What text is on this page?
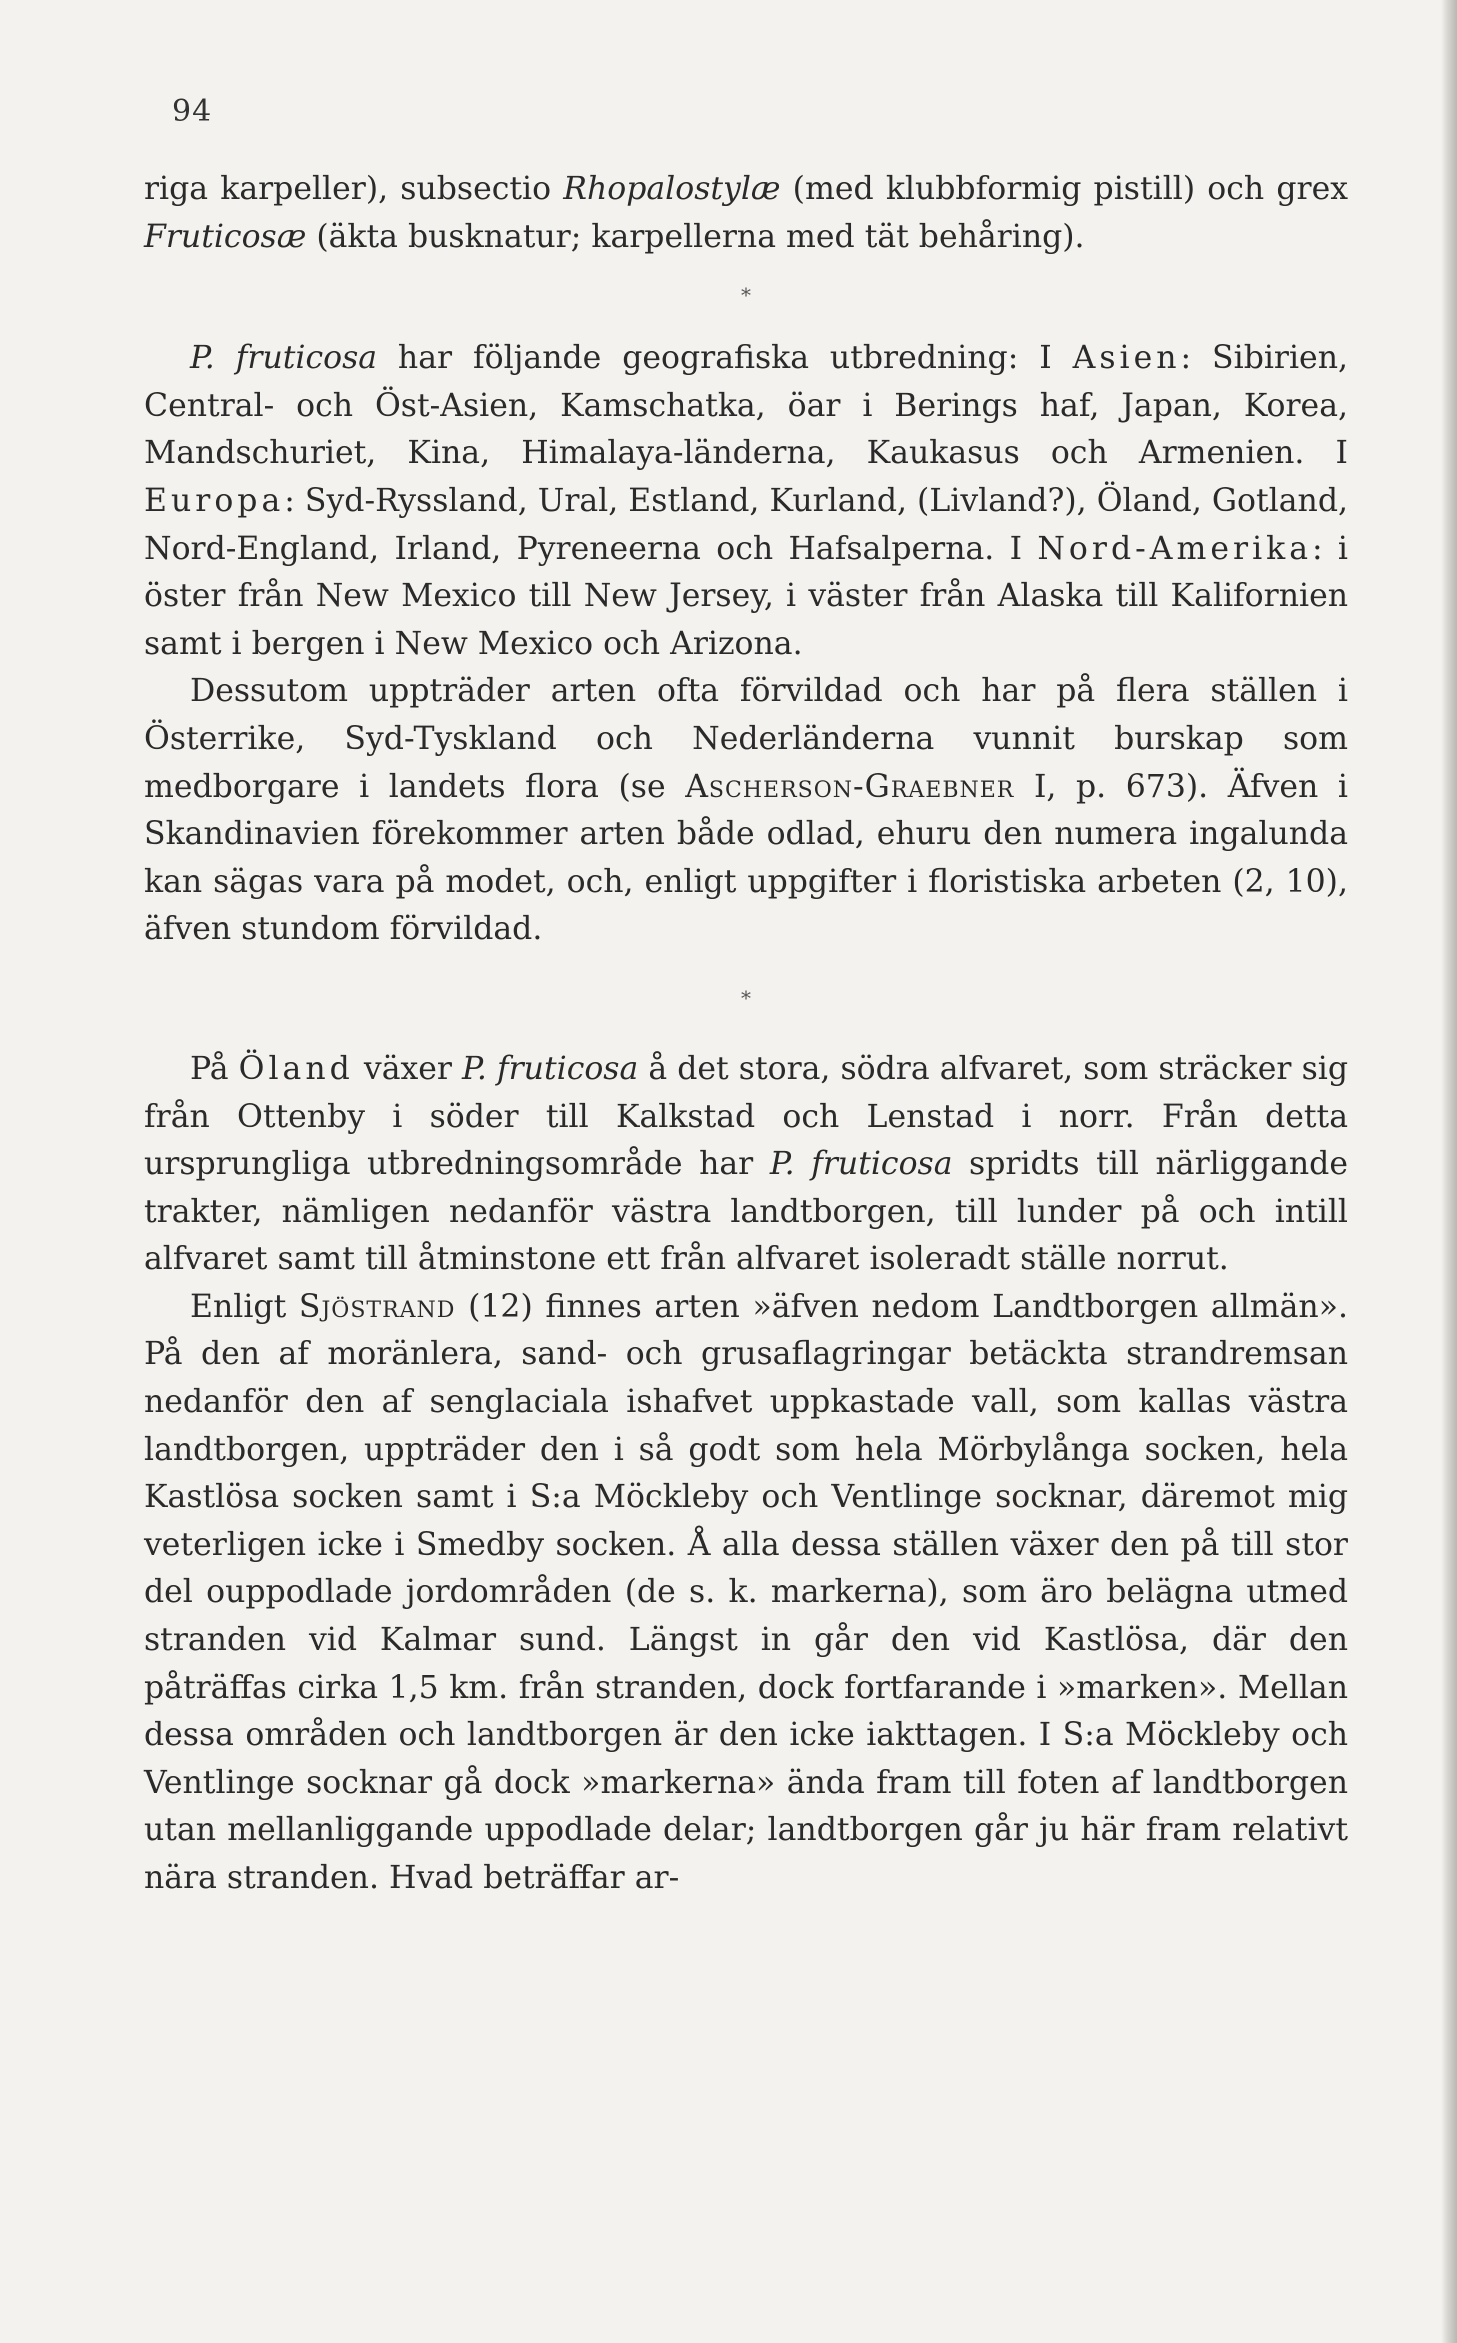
94

riga karpeller), subsectio Rhopalostylæ (med klubbformig pistill) och grex Fruticosæ (äkta busknatur; karpellerna med tät behåring).

*

P. fruticosa har följande geografiska utbredning: I Asien: Sibirien, Central- och Öst-Asien, Kamschatka, öar i Berings haf, Japan, Korea, Mandschuriet, Kina, Himalaya-länderna, Kaukasus och Armenien. I Europa: Syd-Ryssland, Ural, Estland, Kurland, (Livland?), Öland, Gotland, Nord-England, Irland, Pyreneerna och Hafsalperna. I Nord-Amerika: i öster från New Mexico till New Jersey, i väster från Alaska till Kalifornien samt i bergen i New Mexico och Arizona.

Dessutom uppträder arten ofta förvildad och har på flera ställen i Österrike, Syd-Tyskland och Nederländerna vunnit burskap som medborgare i landets flora (se Ascherson-Graebner I, p. 673). Äfven i Skandinavien förekommer arten både odlad, ehuru den numera ingalunda kan sägas vara på modet, och, enligt uppgifter i floristiska arbeten (2, 10), äfven stundom förvildad.

*

På Öland växer P. fruticosa å det stora, södra alfvaret, som sträcker sig från Ottenby i söder till Kalkstad och Lenstad i norr. Från detta ursprungliga utbredningsområde har P. fruticosa spridts till närliggande trakter, nämligen nedanför västra landtborgen, till lunder på och intill alfvaret samt till åtminstone ett från alfvaret isoleradt ställe norrut.

Enligt Sjöstrand (12) finnes arten »äfven nedom Landtborgen allmän». På den af moränlera, sand- och grusaflagringar betäckta strandremsan nedanför den af senglaciala ishafvet uppkastade vall, som kallas västra landtborgen, uppträder den i så godt som hela Mörbylånga socken, hela Kastlösa socken samt i S:a Möckleby och Ventlinge socknar, däremot mig veterligen icke i Smedby socken. Å alla dessa ställen växer den på till stor del ouppodlade jordområden (de s. k. markerna), som äro belägna utmed stranden vid Kalmar sund. Längst in går den vid Kastlösa, där den påträffas cirka 1,5 km. från stranden, dock fortfarande i »marken». Mellan dessa områden och landtborgen är den icke iakttagen. I S:a Möckleby och Ventlinge socknar gå dock »markerna» ända fram till foten af landtborgen utan mellanliggande uppodlade delar; landtborgen går ju här fram relativt nära stranden. Hvad beträffar ar-
